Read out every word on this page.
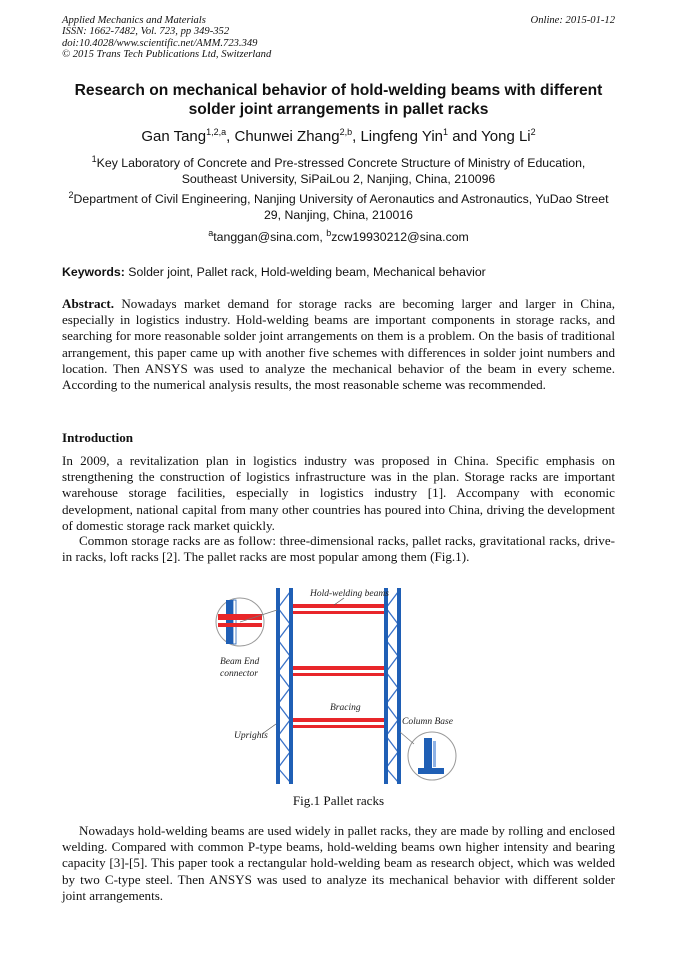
Applied Mechanics and Materials
ISSN: 1662-7482, Vol. 723, pp 349-352
doi:10.4028/www.scientific.net/AMM.723.349
© 2015 Trans Tech Publications Ltd, Switzerland
Online: 2015-01-12
Research on mechanical behavior of hold-welding beams with different
solder joint arrangements in pallet racks
Gan Tang$^{1,2,a}$, Chunwei Zhang$^{2,b}$, Lingfeng Yin$^1$ and Yong Li$^2$
$^1$Key Laboratory of Concrete and Pre-stressed Concrete Structure of Ministry of Education,
Southeast University, SiPaiLou 2, Nanjing, China, 210096
$^2$Department of Civil Engineering, Nanjing University of Aeronautics and Astronautics, YuDao Street
29, Nanjing, China, 210016
$^a$tanggan@sina.com, $^b$zcw19930212@sina.com
Keywords: Solder joint, Pallet rack, Hold-welding beam, Mechanical behavior
Abstract. Nowadays market demand for storage racks are becoming larger and larger in China, especially in logistics industry. Hold-welding beams are important components in storage racks, and searching for more reasonable solder joint arrangements on them is a problem. On the basis of traditional arrangement, this paper came up with another five schemes with differences in solder joint numbers and location. Then ANSYS was used to analyze the mechanical behavior of the beam in every scheme. According to the numerical analysis results, the most reasonable scheme was recommended.
Introduction
In 2009, a revitalization plan in logistics industry was proposed in China. Specific emphasis on strengthening the construction of logistics infrastructure was in the plan. Storage racks are important warehouse storage facilities, especially in logistics industry [1]. Accompany with economic development, national capital from many other countries has poured into China, driving the development of domestic storage rack market quickly.
Common storage racks are as follow: three-dimensional racks, pallet racks, gravitational racks, drive-in racks, loft racks [2]. The pallet racks are most popular among them (Fig.1).
Hold-welding beams
Beam End
connector
Bracing
Column Base
Uprights
Fig.1 Pallet racks
Nowadays hold-welding beams are used widely in pallet racks, they are made by rolling and enclosed welding. Compared with common P-type beams, hold-welding beams own higher intensity and bearing capacity [3]-[5]. This paper took a rectangular hold-welding beam as research object, which was welded by two C-type steel. Then ANSYS was used to analyze its mechanical behavior with different solder joint arrangements.
